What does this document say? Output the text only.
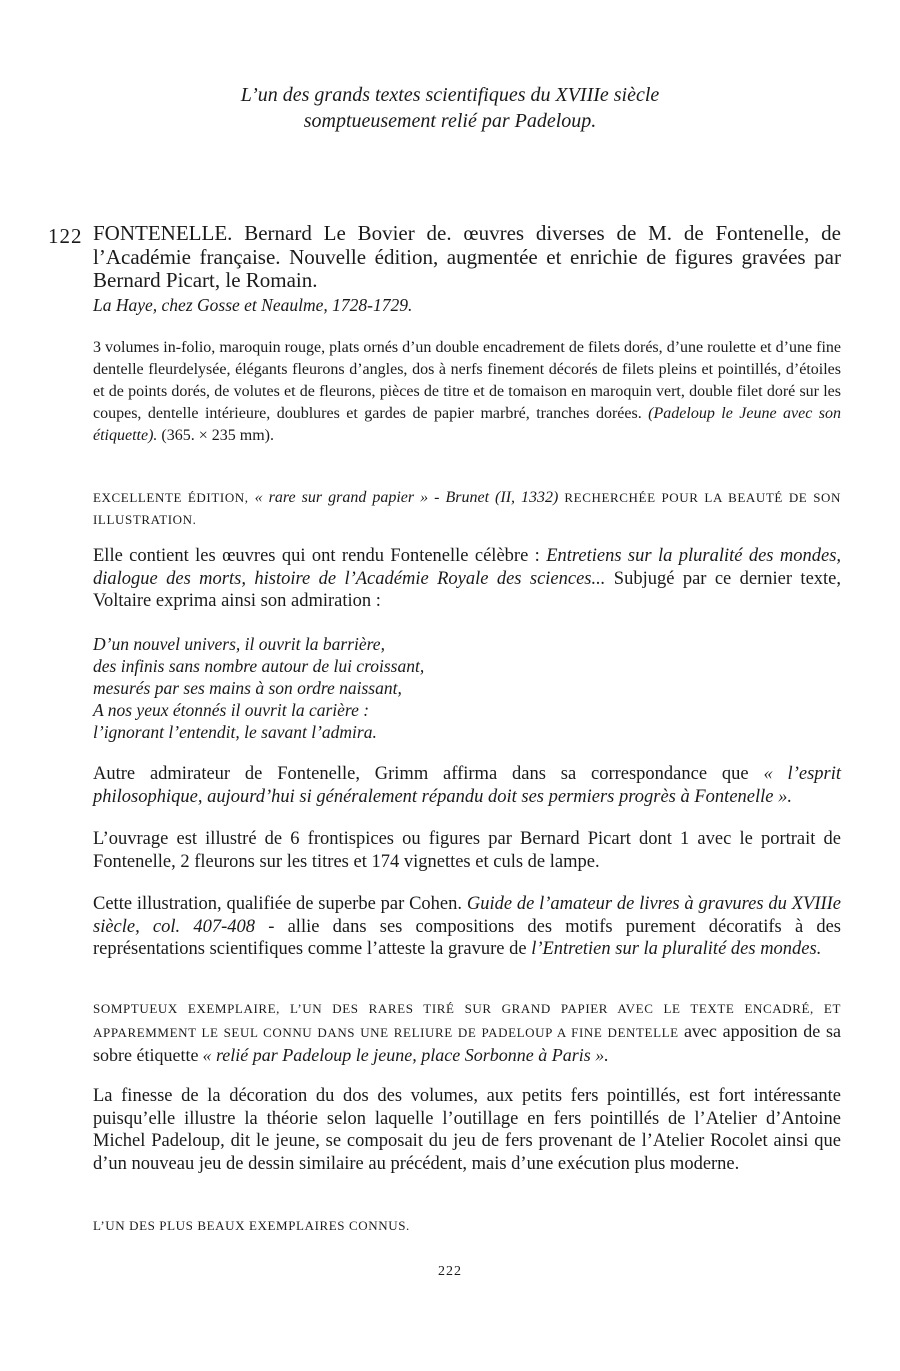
L’un des grands textes scientifiques du XVIIIe siècle
somptueusement relié par Padeloup.
122 FONTENELLE. Bernard Le Bovier de. œuvres diverses de M. de Fontenelle, de l’Académie française. Nouvelle édition, augmentée et enrichie de figures gravées par Bernard Picart, le Romain.
La Haye, chez Gosse et Neaulme, 1728-1729.
3 volumes in-folio, maroquin rouge, plats ornés d’un double encadrement de filets dorés, d’une roulette et d’une fine dentelle fleurdelysée, élégants fleurons d’angles, dos à nerfs finement décorés de filets pleins et pointillés, d’étoiles et de points dorés, de volutes et de fleurons, pièces de titre et de tomaison en maroquin vert, double filet doré sur les coupes, dentelle intérieure, doublures et gardes de papier marbré, tranches dorées. (Padeloup le Jeune avec son étiquette). (365. × 235 mm).
EXCELLENTE ÉDITION, « rare sur grand papier » - Brunet (II, 1332) RECHERCHÉE POUR LA BEAUTÉ DE SON ILLUSTRATION.
Elle contient les œuvres qui ont rendu Fontenelle célèbre : Entretiens sur la pluralité des mondes, dialogue des morts, histoire de l’Académie Royale des sciences... Subjugé par ce dernier texte, Voltaire exprima ainsi son admiration :
D’un nouvel univers, il ouvrit la barrière,
des infinis sans nombre autour de lui croissant,
mesurés par ses mains à son ordre naissant,
A nos yeux étonnés il ouvrit la carière :
l’ignorant l’entendit, le savant l’admira.
Autre admirateur de Fontenelle, Grimm affirma dans sa correspondance que « l’esprit philosophique, aujourd’hui si généralement répandu doit ses permiers progrès à Fontenelle ».
L’ouvrage est illustré de 6 frontispices ou figures par Bernard Picart dont 1 avec le portrait de Fontenelle, 2 fleurons sur les titres et 174 vignettes et culs de lampe.
Cette illustration, qualifiée de superbe par Cohen. Guide de l’amateur de livres à gravures du XVIIIe siècle, col. 407-408 - allie dans ses compositions des motifs purement décoratifs à des représentations scientifiques comme l’atteste la gravure de l’Entretien sur la pluralité des mondes.
SOMPTUEUX EXEMPLAIRE, L’UN DES RARES TIRÉ SUR GRAND PAPIER AVEC LE TEXTE ENCADRÉ, ET APPAREMMENT LE SEUL CONNU DANS UNE RELIURE DE PADELOUP A FINE DENTELLE avec apposition de sa sobre étiquette « relié par Padeloup le jeune, place Sorbonne à Paris ».
La finesse de la décoration du dos des volumes, aux petits fers pointillés, est fort intéressante puisqu’elle illustre la théorie selon laquelle l’outillage en fers pointillés de l’Atelier d’Antoine Michel Padeloup, dit le jeune, se composait du jeu de fers provenant de l’Atelier Rocolet ainsi que d’un nouveau jeu de dessin similaire au précédent, mais d’une exécution plus moderne.
L’UN DES PLUS BEAUX EXEMPLAIRES CONNUS.
222
